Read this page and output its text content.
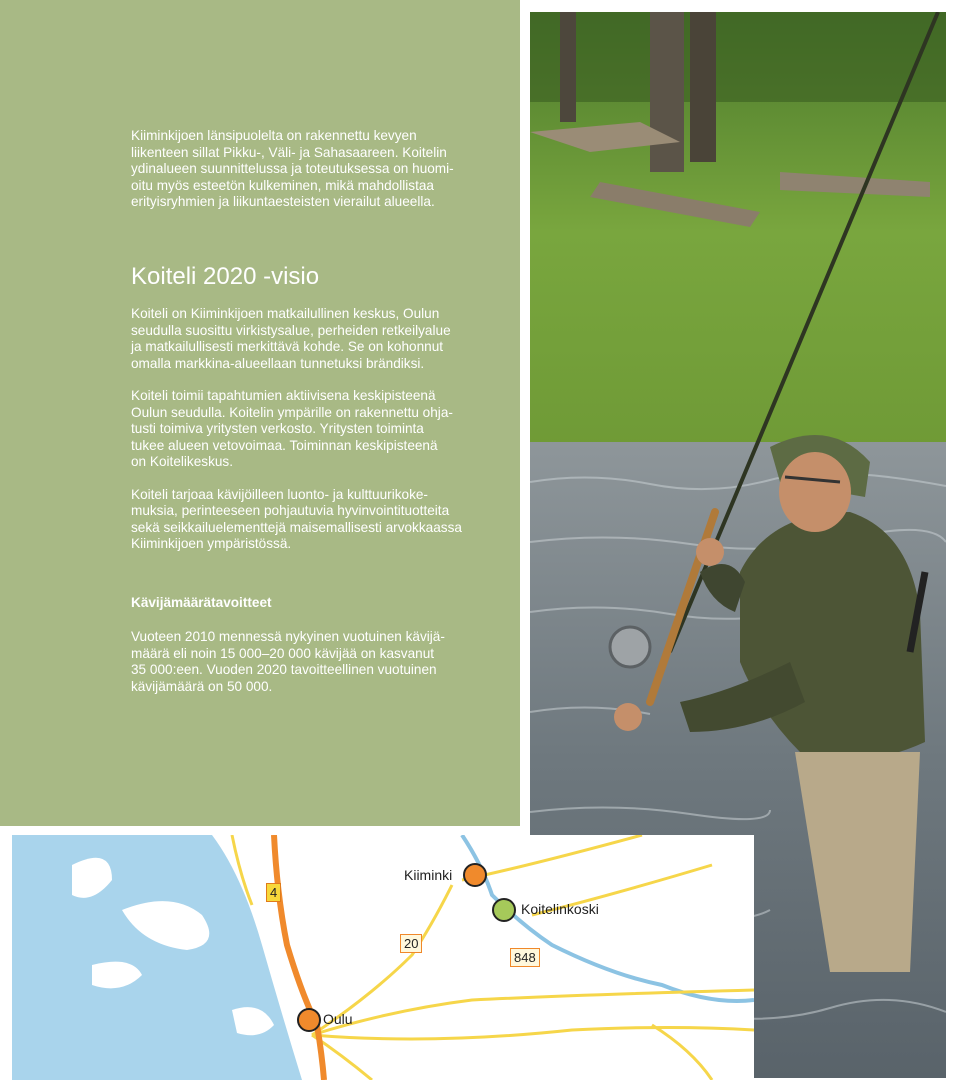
Kiiminkijoen länsipuolelta on rakennettu kevyen
liikenteen sillat Pikku-, Väli- ja Sahasaareen. Koitelin
ydinalueen suunnittelussa ja toteutuksessa on huomi-
oitu myös esteetön kulkeminen, mikä mahdollistaa
erityisryhmien ja liikuntaesteisten vierailut alueella.

Koiteli 2020 -visio

Koiteli on Kiiminkijoen matkailullinen keskus, Oulun
seudulla suosittu virkistysalue, perheiden retkeilyalue
ja matkailullisesti merkittävä kohde. Se on kohonnut
omalla markkina-alueellaan tunnetuksi brändiksi.

Koiteli toimii tapahtumien aktiivisena keskipisteenä
Oulun seudulla. Koitelin ympärille on rakennettu ohja-
tusti toimiva yritysten verkosto. Yritysten toiminta
tukee alueen vetovoimaa. Toiminnan keskipisteenä
on Koitelikeskus.

Koiteli tarjoaa kävijöilleen luonto- ja kulttuurikoke-
muksia, perinteeseen pohjautuvia hyvinvointituotteita
sekä seikkailuelementtejä maisemallisesti arvokkaassa
Kiiminkijoen ympäristössä.

Kävijämäärätavoitteet

Vuoteen 2010 mennessä nykyinen vuotuinen kävijä-
määrä eli noin 15 000–20 000 kävijää on kasvanut
35 000:een. Vuoden 2020 tavoitteellinen vuotuinen
kävijämäärä on 50 000.

Kiiminki
Koitelinkoski
Oulu
4
20
848
